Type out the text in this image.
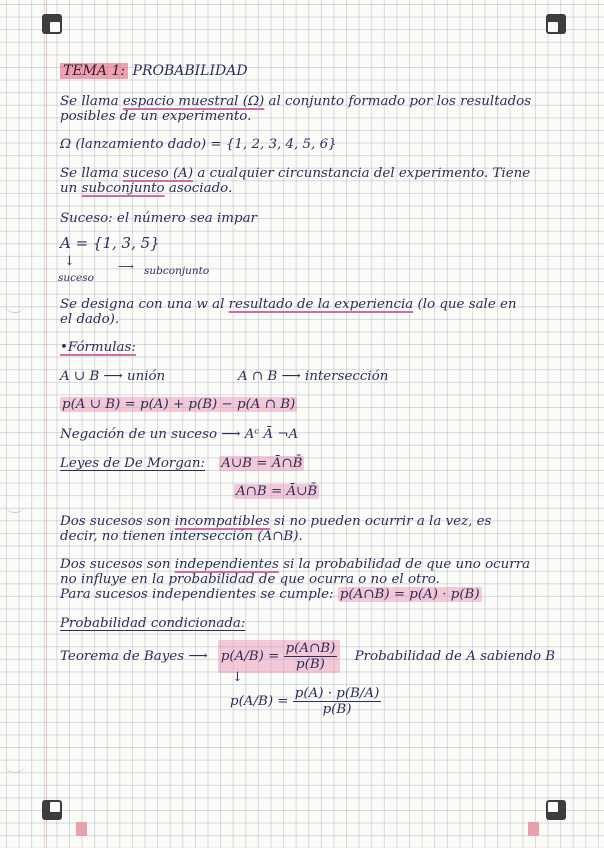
TEMA 1: PROBABILIDAD

Se llama espacio muestral (Ω) al conjunto formado por los resultados

posibles de un experimento.

Ω (lanzamiento dado) = {1, 2, 3, 4, 5, 6}

Se llama suceso (A) a cualquier circunstancia del experimento. Tiene

un subconjunto asociado.

Suceso: el número sea impar

A = {1, 3, 5}

↓

suceso

⟶ subconjunto

Se designa con una w al resultado de la experiencia (lo que sale en

el dado).

•Fórmulas:

A ∪ B ⟶ unión	A ∩ B ⟶ intersección

p(A ∪ B) = p(A) + p(B) − p(A ∩ B)

Negación de un suceso ⟶ Aᶜ Ā ¬A

Leyes de De Morgan: A∪B = Ā∩B̄

A∩B = Ā∪B̄

Dos sucesos son incompatibles si no pueden ocurrir a la vez, es

decir, no tienen intersección (A∩B).

Dos sucesos son independientes si la probabilidad de que uno ocurra

no influye en la probabilidad de que ocurra o no el otro.

Para sucesos independientes se cumple: p(A∩B) = p(A) · p(B)

Probabilidad condicionada:

Teorema de Bayes ⟶ $p(A/B) = \frac{p(A\cap B)}{p(B)}$ Probabilidad de A sabiendo B
↓
$p(A/B) = \frac{p(A) \cdot p(B/A)}{p(B)}$
